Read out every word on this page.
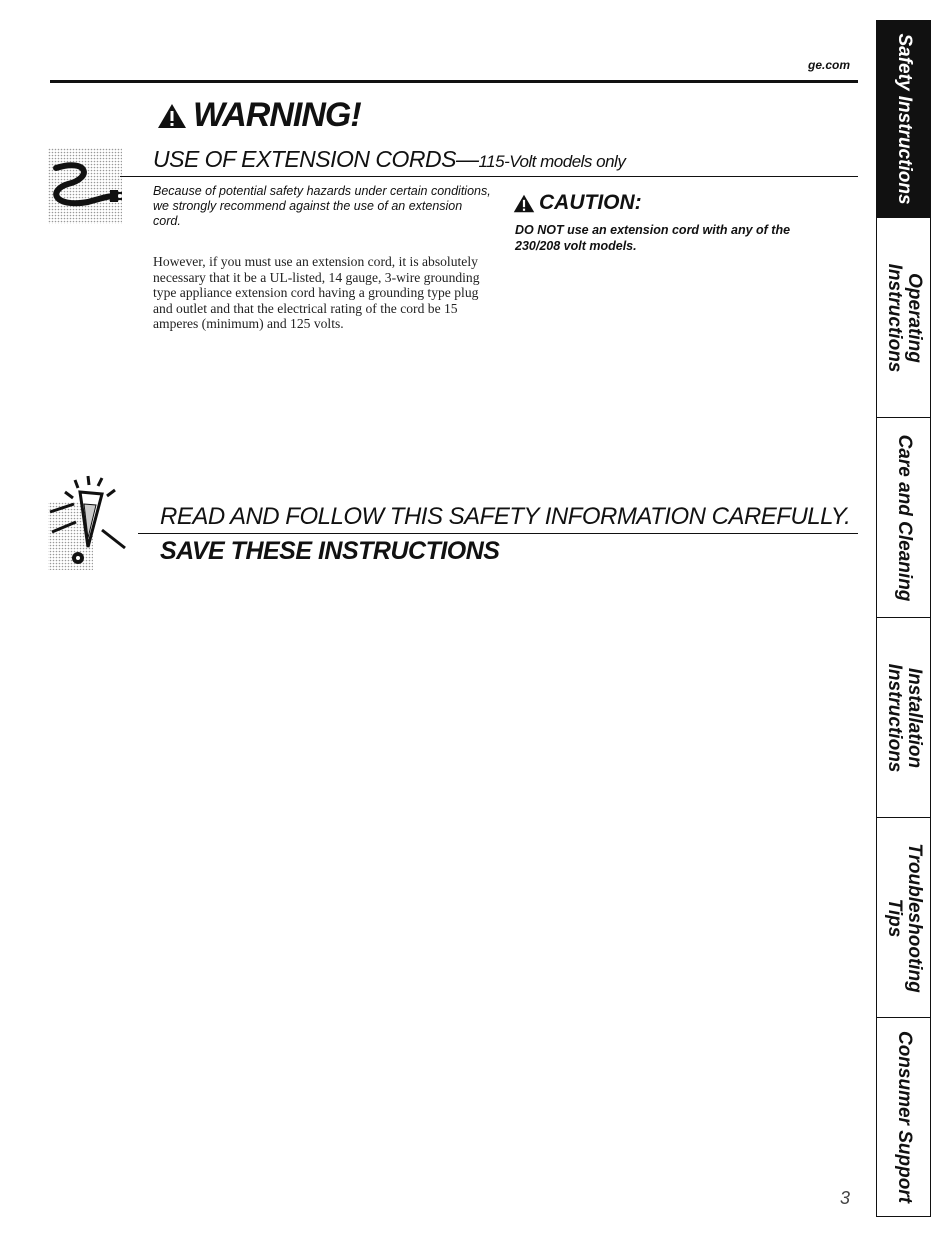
ge.com
WARNING!
USE OF EXTENSION CORDS—115-Volt models only
Because of potential safety hazards under certain conditions, we strongly recommend against the use of an extension cord.
However, if you must use an extension cord, it is absolutely necessary that it be a UL-listed, 14 gauge, 3-wire grounding type appliance extension cord having a grounding type plug and outlet and that the electrical rating of the cord be 15 amperes (minimum) and 125 volts.
CAUTION:
DO NOT use an extension cord with any of the 230/208 volt models.
READ AND FOLLOW THIS SAFETY INFORMATION CAREFULLY.
SAVE THESE INSTRUCTIONS
3
Safety Instructions
Operating
Instructions
Care and Cleaning
Installation
Instructions
Troubleshooting
Tips
Consumer Support
